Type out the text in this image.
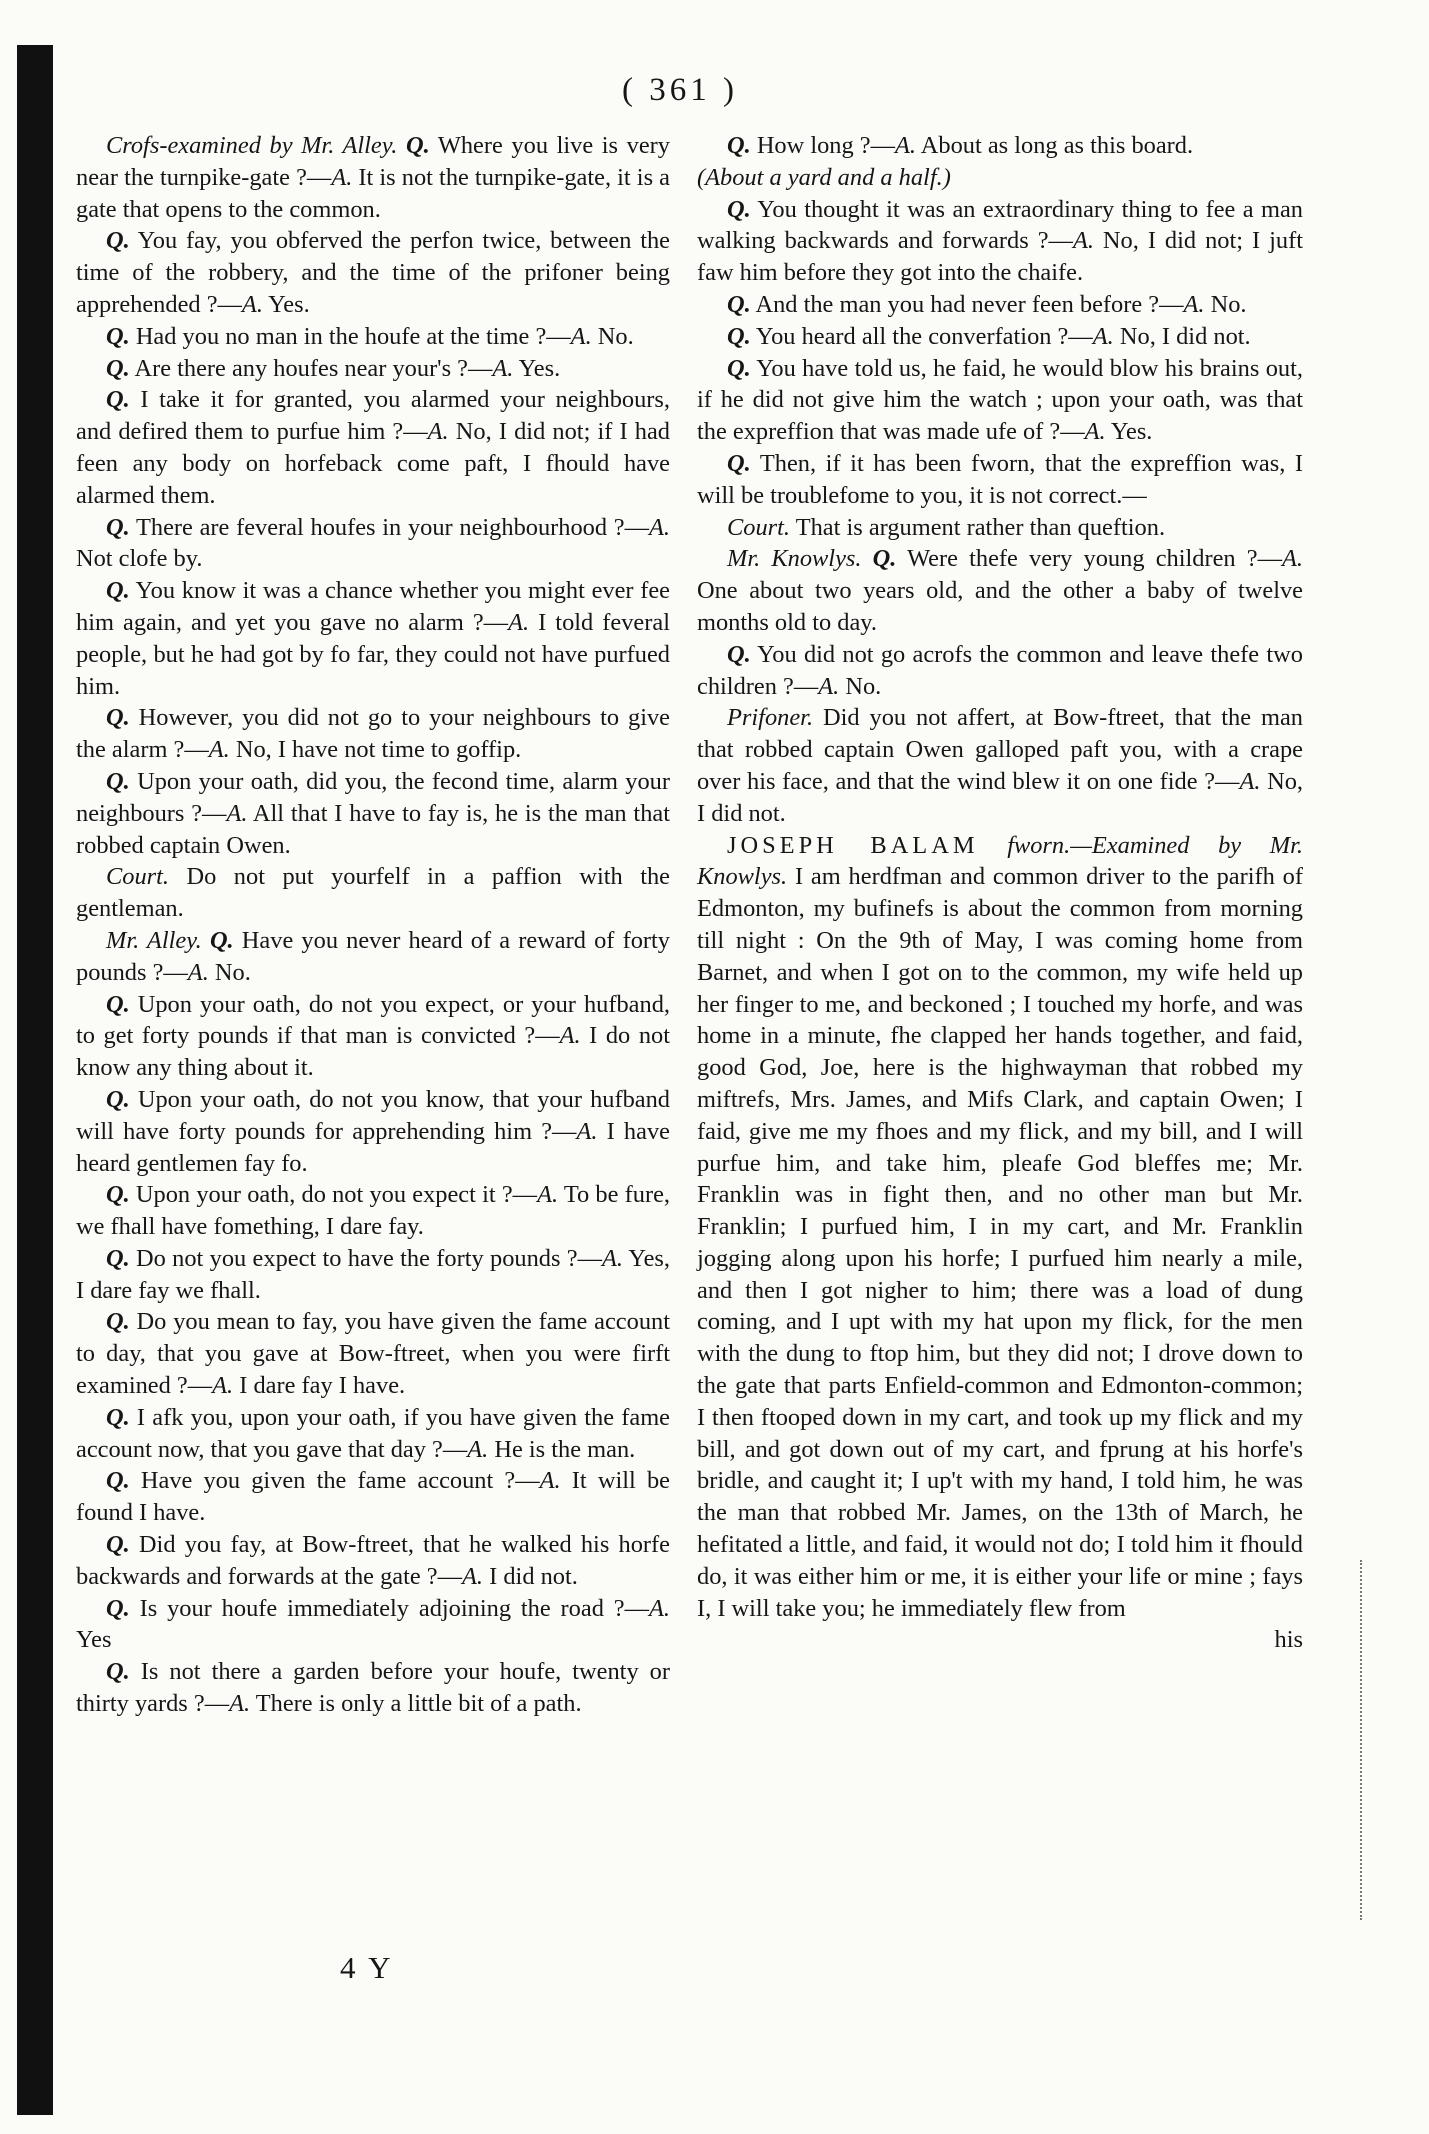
( 361 )

Crofs-examined by Mr. Alley. Q. Where you live is very near the turnpike-gate ?—A. It is not the turnpike-gate, it is a gate that opens to the common.

Q. You fay, you obferved the perfon twice, between the time of the robbery, and the time of the prifoner being apprehended ?—A. Yes.

Q. Had you no man in the houfe at the time ?—A. No.

Q. Are there any houfes near your's ?—A. Yes.

Q. I take it for granted, you alarmed your neighbours, and defired them to purfue him ?—A. No, I did not; if I had feen any body on horfeback come paft, I fhould have alarmed them.

Q. There are feveral houfes in your neighbourhood ?—A. Not clofe by.

Q. You know it was a chance whether you might ever fee him again, and yet you gave no alarm ?—A. I told feveral people, but he had got by fo far, they could not have purfued him.

Q. However, you did not go to your neighbours to give the alarm ?—A. No, I have not time to goffip.

Q. Upon your oath, did you, the fecond time, alarm your neighbours ?—A. All that I have to fay is, he is the man that robbed captain Owen.

Court. Do not put yourfelf in a paffion with the gentleman.

Mr. Alley. Q. Have you never heard of a reward of forty pounds ?—A. No.

Q. Upon your oath, do not you expect, or your hufband, to get forty pounds if that man is convicted ?—A. I do not know any thing about it.

Q. Upon your oath, do not you know, that your hufband will have forty pounds for apprehending him ?—A. I have heard gentlemen fay fo.

Q. Upon your oath, do not you expect it ?—A. To be fure, we fhall have fomething, I dare fay.

Q. Do not you expect to have the forty pounds ?—A. Yes, I dare fay we fhall.

Q. Do you mean to fay, you have given the fame account to day, that you gave at Bow-ftreet, when you were firft examined ?—A. I dare fay I have.

Q. I afk you, upon your oath, if you have given the fame account now, that you gave that day ?—A. He is the man.

Q. Have you given the fame account ?—A. It will be found I have.

Q. Did you fay, at Bow-ftreet, that he walked his horfe backwards and forwards at the gate ?—A. I did not.

Q. Is your houfe immediately adjoining the road ?—A. Yes

Q. Is not there a garden before your houfe, twenty or thirty yards ?—A. There is only a little bit of a path.

Q. How long ?—A. About as long as this board.

(About a yard and a half.)

Q. You thought it was an extraordinary thing to fee a man walking backwards and forwards ?—A. No, I did not; I juft faw him before they got into the chaife.

Q. And the man you had never feen before ?—A. No.

Q. You heard all the converfation ?—A. No, I did not.

Q. You have told us, he faid, he would blow his brains out, if he did not give him the watch ; upon your oath, was that the expreffion that was made ufe of ?—A. Yes.

Q. Then, if it has been fworn, that the expreffion was, I will be troublefome to you, it is not correct.—

Court. That is argument rather than queftion.

Mr. Knowlys. Q. Were thefe very young children ?—A. One about two years old, and the other a baby of twelve months old to day.

Q. You did not go acrofs the common and leave thefe two children ?—A. No.

Prifoner. Did you not affert, at Bow-ftreet, that the man that robbed captain Owen galloped paft you, with a crape over his face, and that the wind blew it on one fide ?—A. No, I did not.

JOSEPH BALAM fworn.—Examined by Mr. Knowlys. I am herdfman and common driver to the parifh of Edmonton, my bufinefs is about the common from morning till night : On the 9th of May, I was coming home from Barnet, and when I got on to the common, my wife held up her finger to me, and beckoned ; I touched my horfe, and was home in a minute, fhe clapped her hands together, and faid, good God, Joe, here is the highwayman that robbed my miftrefs, Mrs. James, and Mifs Clark, and captain Owen; I faid, give me my fhoes and my flick, and my bill, and I will purfue him, and take him, pleafe God bleffes me; Mr. Franklin was in fight then, and no other man but Mr. Franklin; I purfued him, I in my cart, and Mr. Franklin jogging along upon his horfe; I purfued him nearly a mile, and then I got nigher to him; there was a load of dung coming, and I upt with my hat upon my flick, for the men with the dung to ftop him, but they did not; I drove down to the gate that parts Enfield-common and Edmonton-common; I then ftooped down in my cart, and took up my flick and my bill, and got down out of my cart, and fprung at his horfe's bridle, and caught it; I up't with my hand, I told him, he was the man that robbed Mr. James, on the 13th of March, he hefitated a little, and faid, it would not do; I told him it fhould do, it was either him or me, it is either your life or mine ; fays I, I will take you; he immediately flew from

his
4 Y
